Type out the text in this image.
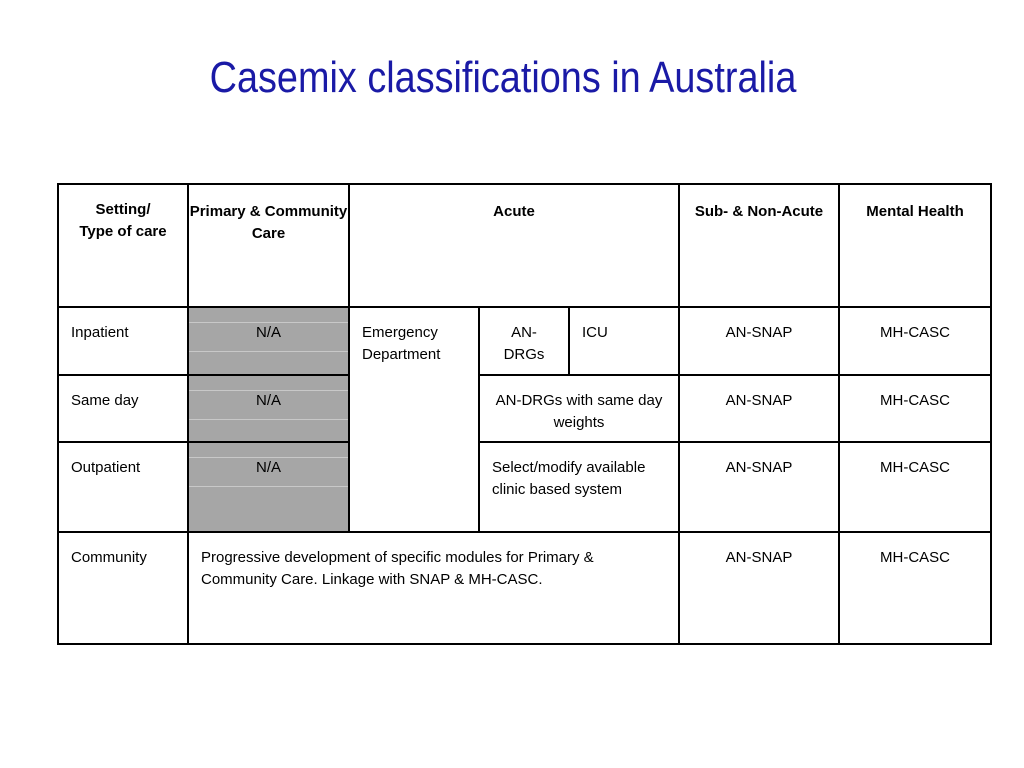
Casemix classifications in Australia
Setting/
Type of care	Primary & Community Care	Acute			Sub- & Non-Acute	Mental Health
Inpatient	N/A	Emergency Department	AN-DRGs	ICU	AN-SNAP	MH-CASC
Same day	N/A		AN-DRGs with same day weights		AN-SNAP	MH-CASC
Outpatient	N/A		Select/modify available clinic based system		AN-SNAP	MH-CASC
Community	Progressive development of specific modules for Primary & Community Care. Linkage with SNAP & MH-CASC.				AN-SNAP	MH-CASC
